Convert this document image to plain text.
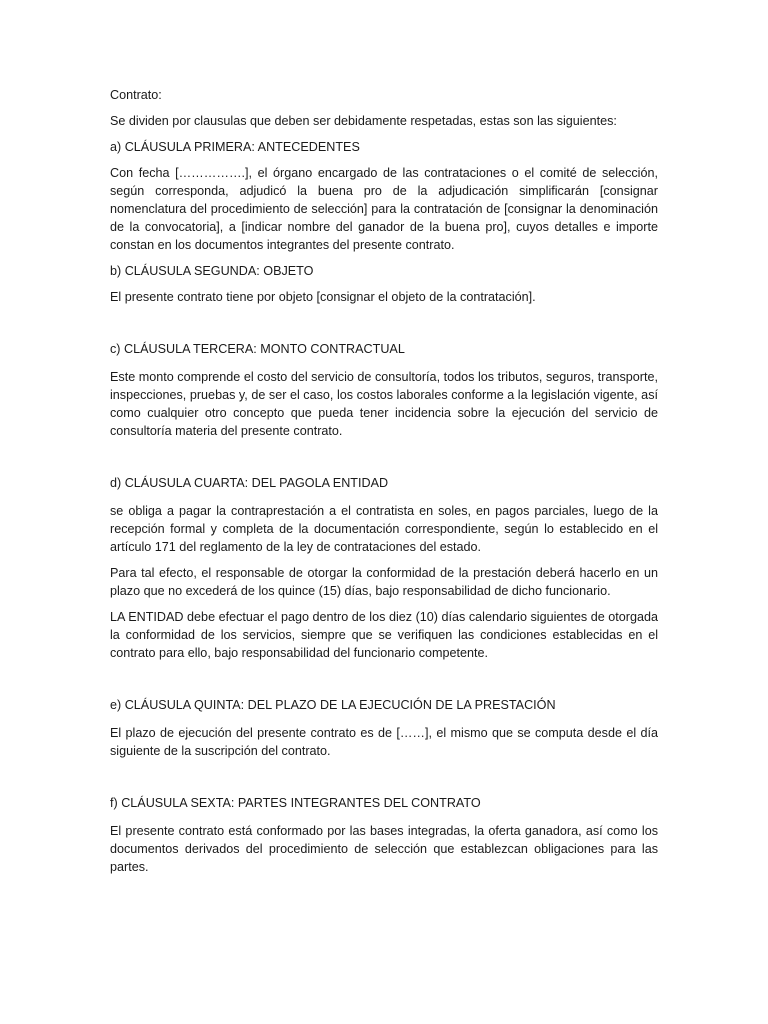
Contrato:

Se dividen por clausulas que deben ser debidamente respetadas, estas son las siguientes:

a) CLÁUSULA PRIMERA: ANTECEDENTES

Con fecha […………….], el órgano encargado de las contrataciones o el comité de selección, según corresponda, adjudicó la buena pro de la adjudicación simplificarán [consignar nomenclatura del procedimiento de selección] para la contratación de [consignar la denominación de la convocatoria], a [indicar nombre del ganador de la buena pro], cuyos detalles e importe constan en los documentos integrantes del presente contrato.

b) CLÁUSULA SEGUNDA: OBJETO

El presente contrato tiene por objeto [consignar el objeto de la contratación].

c) CLÁUSULA TERCERA: MONTO CONTRACTUAL

Este monto comprende el costo del servicio de consultoría, todos los tributos, seguros, transporte, inspecciones, pruebas y, de ser el caso, los costos laborales conforme a la legislación vigente, así como cualquier otro concepto que pueda tener incidencia sobre la ejecución del servicio de consultoría materia del presente contrato.

d) CLÁUSULA CUARTA: DEL PAGOLA ENTIDAD

se obliga a pagar la contraprestación a el contratista en soles, en pagos parciales, luego de la recepción formal y completa de la documentación correspondiente, según lo establecido en el artículo 171 del reglamento de la ley de contrataciones del estado.

Para tal efecto, el responsable de otorgar la conformidad de la prestación deberá hacerlo en un plazo que no excederá de los quince (15) días, bajo responsabilidad de dicho funcionario.

LA ENTIDAD debe efectuar el pago dentro de los diez (10) días calendario siguientes de otorgada la conformidad de los servicios, siempre que se verifiquen las condiciones establecidas en el contrato para ello, bajo responsabilidad del funcionario competente.

e) CLÁUSULA QUINTA: DEL PLAZO DE LA EJECUCIÓN DE LA PRESTACIÓN

El plazo de ejecución del presente contrato es de [……], el mismo que se computa desde el día siguiente de la suscripción del contrato.

f) CLÁUSULA SEXTA: PARTES INTEGRANTES DEL CONTRATO

El presente contrato está conformado por las bases integradas, la oferta ganadora, así como los documentos derivados del procedimiento de selección que establezcan obligaciones para las partes.
